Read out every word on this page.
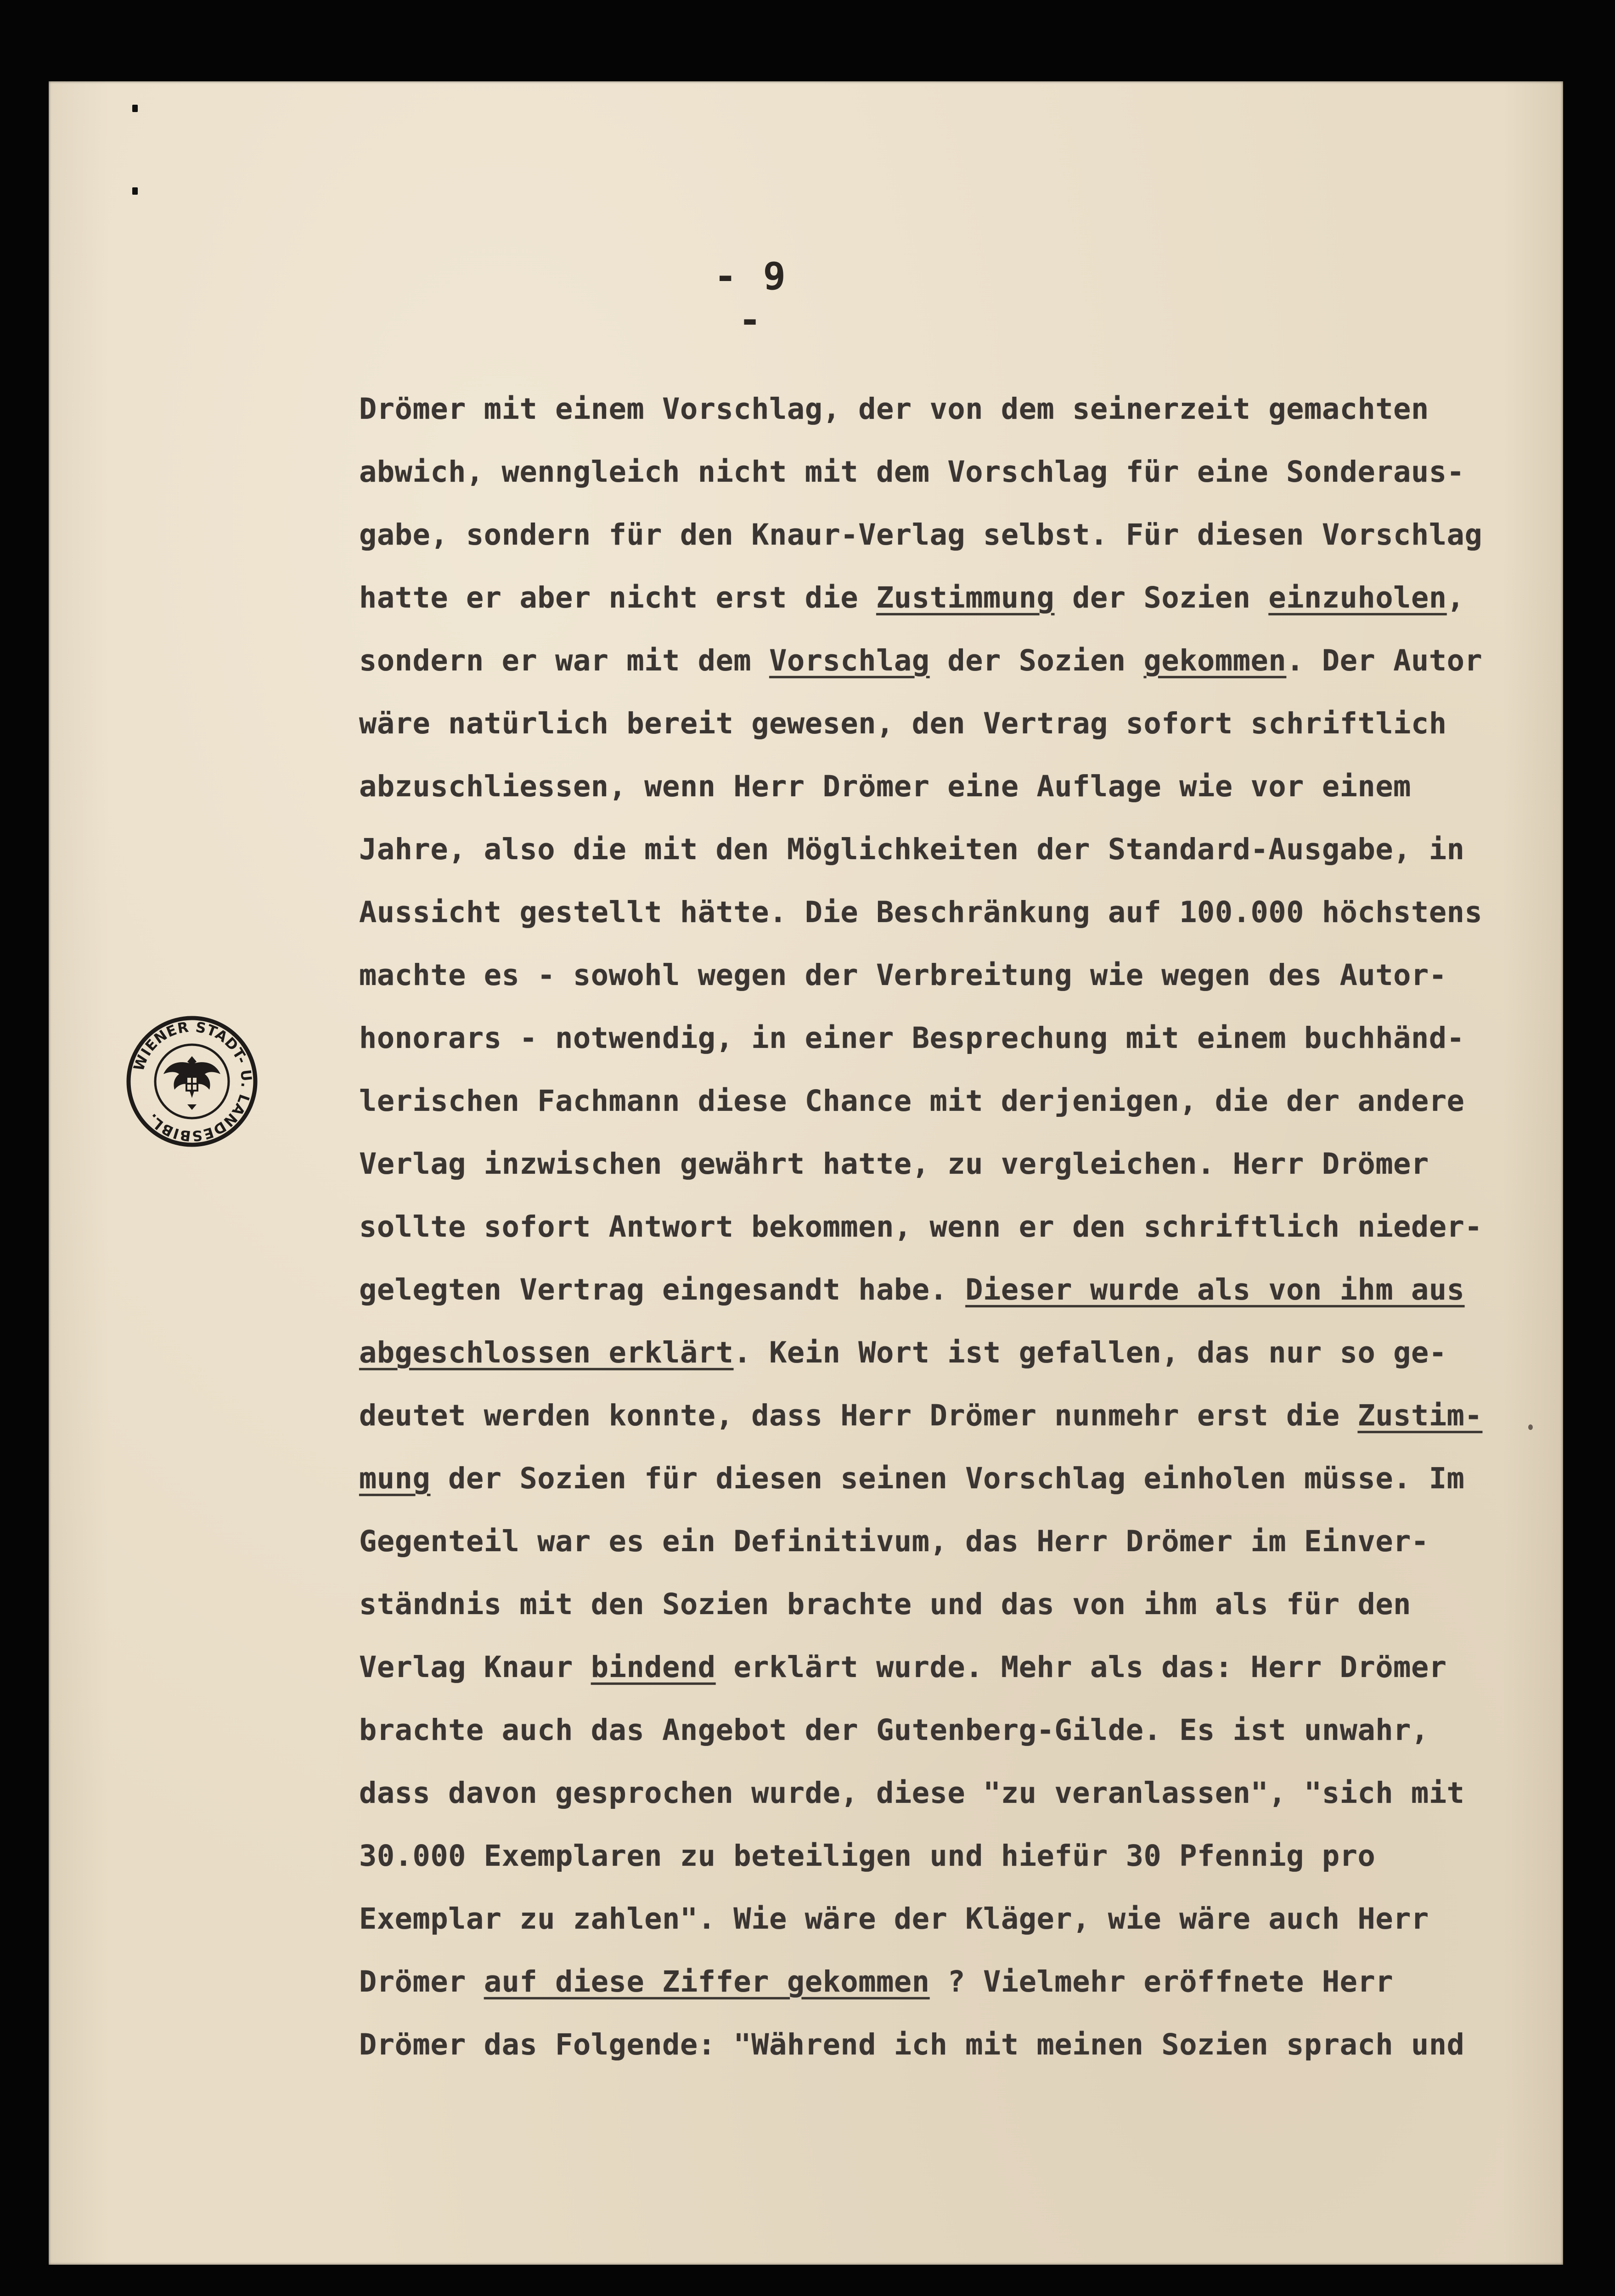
- 9 -
WIENER STADT- U. LANDESBIBL.
Drömer mit einem Vorschlag, der von dem seinerzeit gemachten
abwich, wenngleich nicht mit dem Vorschlag für eine Sonderaus-
gabe, sondern für den Knaur-Verlag selbst. Für diesen Vorschlag
hatte er aber nicht erst die Zustimmung der Sozien einzuholen,
sondern er war mit dem Vorschlag der Sozien gekommen. Der Autor
wäre natürlich bereit gewesen, den Vertrag sofort schriftlich
abzuschliessen, wenn Herr Drömer eine Auflage wie vor einem
Jahre, also die mit den Möglichkeiten der Standard-Ausgabe, in
Aussicht gestellt hätte. Die Beschränkung auf 100.000 höchstens
machte es - sowohl wegen der Verbreitung wie wegen des Autor-
honorars - notwendig, in einer Besprechung mit einem buchhänd-
lerischen Fachmann diese Chance mit derjenigen, die der andere
Verlag inzwischen gewährt hatte, zu vergleichen. Herr Drömer
sollte sofort Antwort bekommen, wenn er den schriftlich nieder-
gelegten Vertrag eingesandt habe. Dieser wurde als von ihm aus
abgeschlossen erklärt. Kein Wort ist gefallen, das nur so ge-
deutet werden konnte, dass Herr Drömer nunmehr erst die Zustim-
mung der Sozien für diesen seinen Vorschlag einholen müsse. Im
Gegenteil war es ein Definitivum, das Herr Drömer im Einver-
ständnis mit den Sozien brachte und das von ihm als für den
Verlag Knaur bindend erklärt wurde. Mehr als das: Herr Drömer
brachte auch das Angebot der Gutenberg-Gilde. Es ist unwahr,
dass davon gesprochen wurde, diese "zu veranlassen", "sich mit
30.000 Exemplaren zu beteiligen und hiefür 30 Pfennig pro
Exemplar zu zahlen". Wie wäre der Kläger, wie wäre auch Herr
Drömer auf diese Ziffer gekommen ? Vielmehr eröffnete Herr
Drömer das Folgende: "Während ich mit meinen Sozien sprach und
